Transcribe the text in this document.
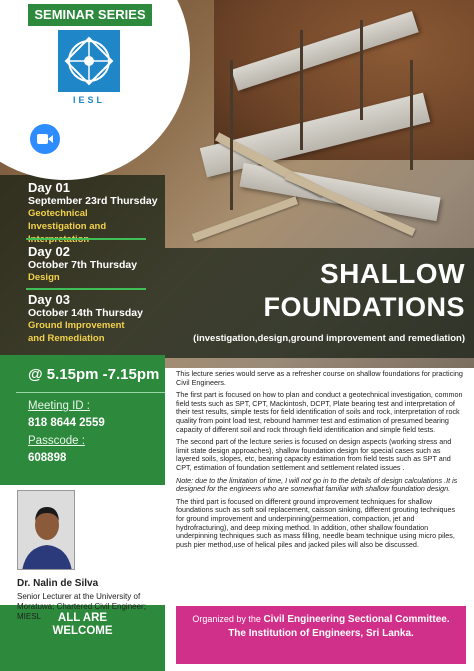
SEMINAR SERIES
IESL
zoom
Day 01
September 23rd Thursday
Geotechnical Investigation and
Day 02
October 7th Thursday
Design
Day 03
October 14th Thursday
Ground Improvement and Remediation
@ 5.15pm -7.15pm
Meeting ID :
818 8644 2559
Passcode :
608898
Dr. Nalin de Silva
Senior Lecturer at the University of Moratuwa; Chartered Civil Engineer; MIESL	ALL ARE
WELCOME
SHALLOW
FOUNDATIONS
(investigation,design,ground improvement and remediation)

This lecture series would serve as a refresher course on shallow foundations for practicing Civil Engineers.

The first part is focused on how to plan and conduct a geotechnical investigation, common field tests such as SPT, CPT, Mackintosh, DCPT, Plate bearing test and interpretation of their test results, simple tests for field identification of soils and rock, interpretation of rock quality from point load test, rebound hammer test and estimation of presumed bearing capacity of different soil and rock through field identification and simple field tests.

The second part of the lecture series is focused on design aspects (working stress and limit state design approaches), shallow foundation design for special cases such as layered soils, slopes, etc, bearing capacity estimation from field tests such as SPT and CPT, estimation of foundation settlement and settlement related issues .

Note: due to the limitation of time, I will not go in to the details of design calculations .It is designed for the engineers who are somewhat familiar with shallow foundation design.

The third part is focused on different ground improvement techniques for shallow foundations such as soft soil replacement, caisson sinking, different grouting techniques for ground improvement and underpinning(permeation, compaction, jet and hydrofracturing), and deep mixing method. In addition, other shallow foundation underpinning techniques such as mass filling, needle beam technique using micro piles, push pier method,use of helical piles and jacked piles will also be discussed.

Organized by the Civil Engineering Sectional Committee.
The Institution of Engineers, Sri Lanka.
